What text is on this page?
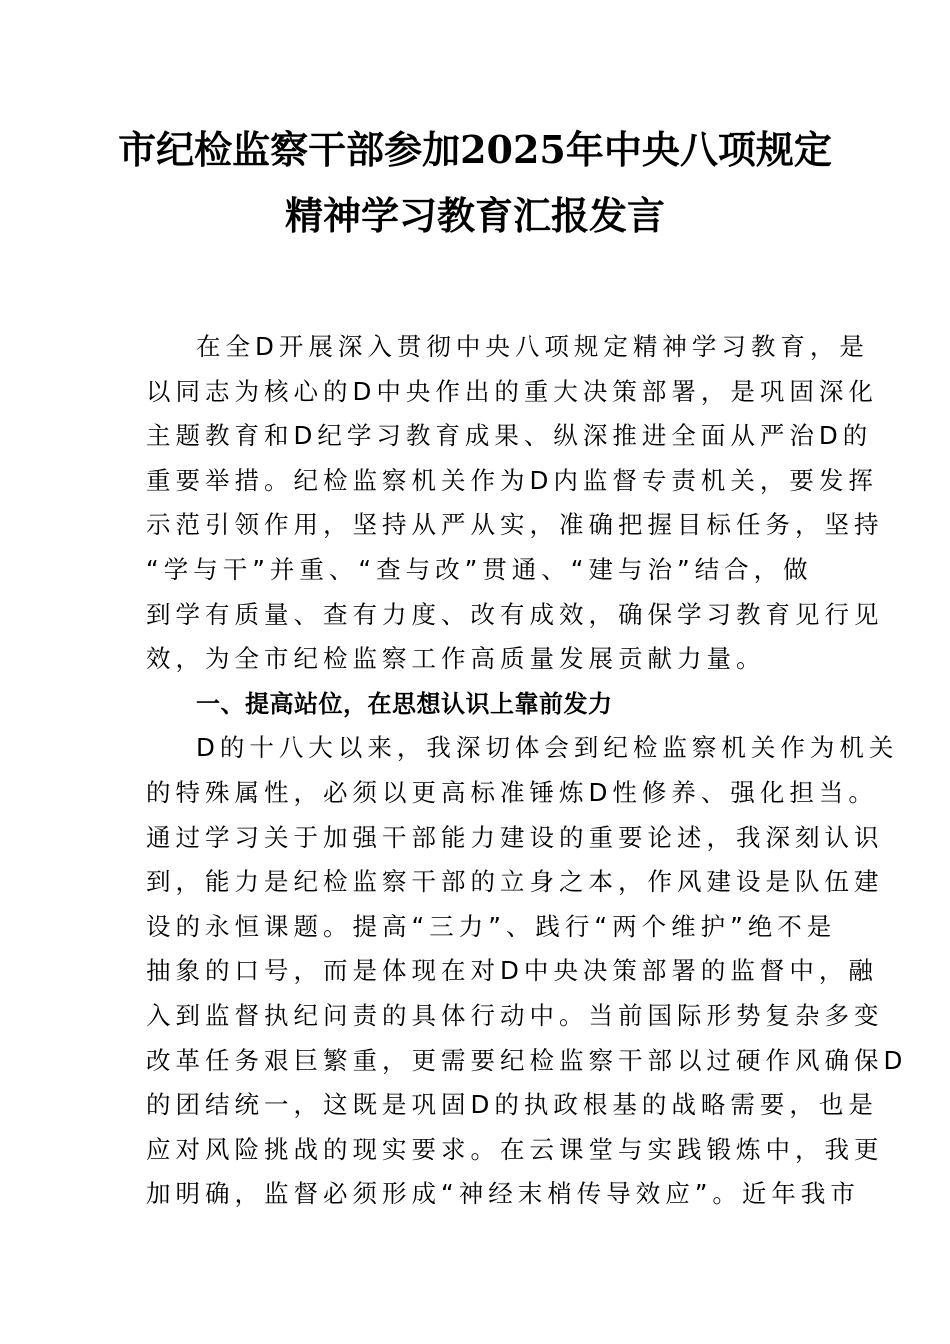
市纪检监察干部参加2025年中央八项规定
精神学习教育汇报发言
在全D开展深入贯彻中央八项规定精神学习教育，是
以同志为核心的D中央作出的重大决策部署，是巩固深化
主题教育和D纪学习教育成果、纵深推进全面从严治D的
重要举措。纪检监察机关作为D内监督专责机关，要发挥
示范引领作用，坚持从严从实，准确把握目标任务，坚持
“学与干”并重、“查与改”贯通、“建与治”结合，做
到学有质量、查有力度、改有成效，确保学习教育见行见
效，为全市纪检监察工作高质量发展贡献力量。
一、提高站位，在思想认识上靠前发力
D的十八大以来，我深切体会到纪检监察机关作为机关
的特殊属性，必须以更高标准锤炼D性修养、强化担当。
通过学习关于加强干部能力建设的重要论述，我深刻认识
到，能力是纪检监察干部的立身之本，作风建设是队伍建
设的永恒课题。提高“三力”、践行“两个维护”绝不是
抽象的口号，而是体现在对D中央决策部署的监督中，融
入到监督执纪问责的具体行动中。当前国际形势复杂多变
改革任务艰巨繁重，更需要纪检监察干部以过硬作风确保D
的团结统一，这既是巩固D的执政根基的战略需要，也是
应对风险挑战的现实要求。在云课堂与实践锻炼中，我更
加明确，监督必须形成“神经末梢传导效应”。近年我市
